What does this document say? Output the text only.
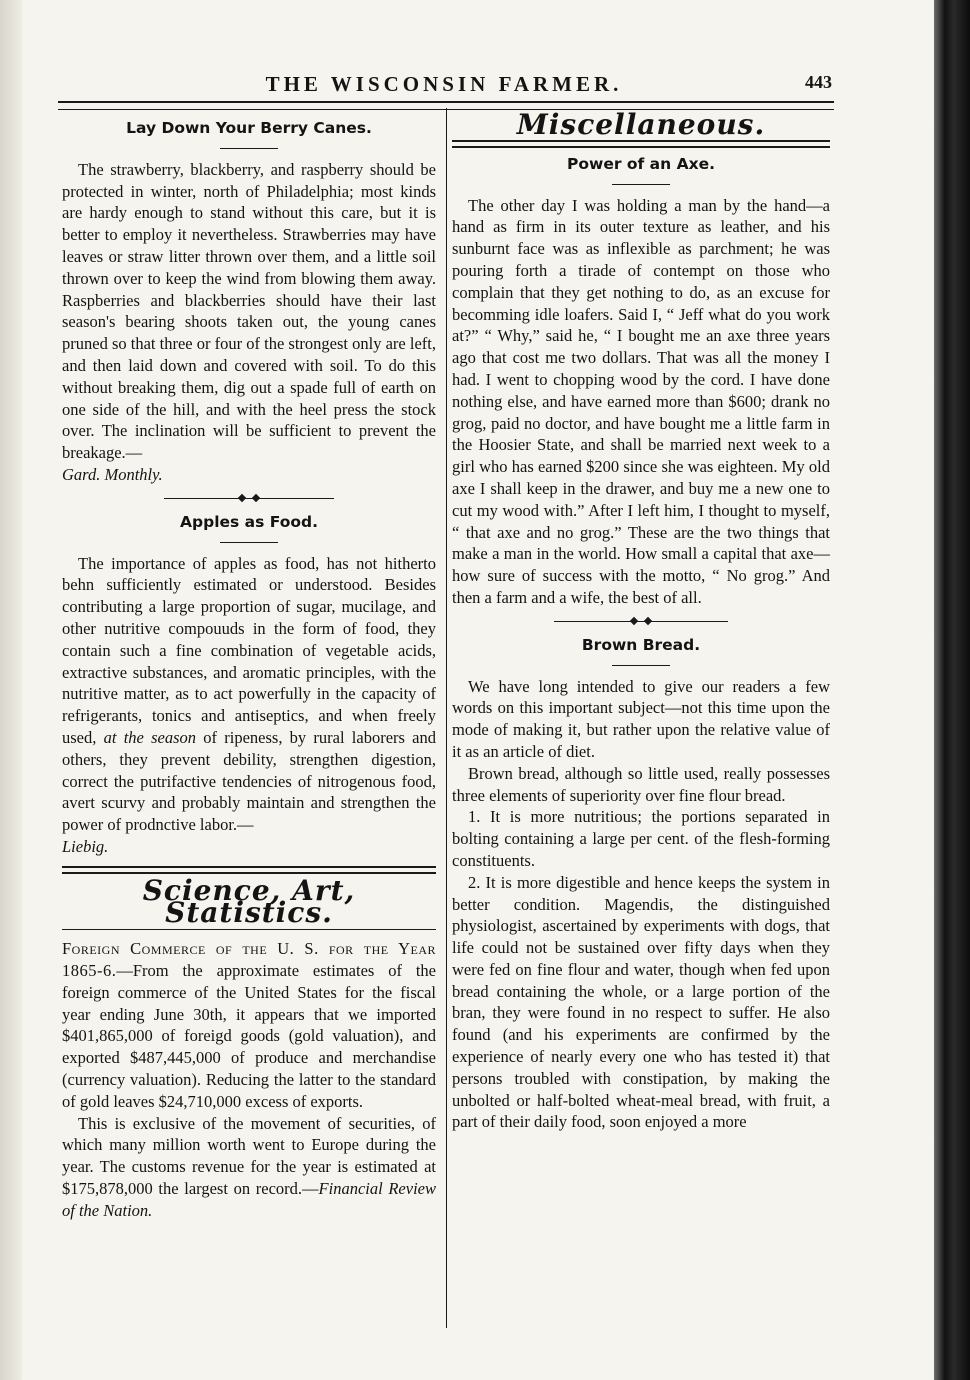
THE WISCONSIN FARMER.	443
Lay Down Your Berry Canes.

The strawberry, blackberry, and raspberry should be protected in winter, north of Philadelphia; most kinds are hardy enough to stand without this care, but it is better to employ it nevertheless. Strawberries may have leaves or straw litter thrown over them, and a little soil thrown over to keep the wind from blowing them away. Raspberries and blackberries should have their last season's bearing shoots taken out, the young canes pruned so that three or four of the strongest only are left, and then laid down and covered with soil. To do this without breaking them, dig out a spade full of earth on one side of the hill, and with the heel press the stock over. The inclination will be sufficient to prevent the breakage.—
Gard. Monthly.

Apples as Food.

The importance of apples as food, has not hitherto behn sufficiently estimated or understood. Besides contributing a large proportion of sugar, mucilage, and other nutritive compouuds in the form of food, they contain such a fine combination of vegetable acids, extractive substances, and aromatic principles, with the nutritive matter, as to act powerfully in the capacity of refrigerants, tonics and antiseptics, and when freely used, at the season of ripeness, by rural laborers and others, they prevent debility, strengthen digestion, correct the putrifactive tendencies of nitrogenous food, avert scurvy and probably maintain and strengthen the power of prodnctive labor.—
Liebig.

Science, Art, Statistics.

Foreign Commerce of the U. S. for the Year 1865-6.—From the approximate estimates of the foreign commerce of the United States for the fiscal year ending June 30th, it appears that we imported $401,865,000 of foreigd goods (gold valuation), and exported $487,445,000 of produce and merchandise (currency valuation). Reducing the latter to the standard of gold leaves $24,710,000 excess of exports.

This is exclusive of the movement of securities, of which many million worth went to Europe during the year. The customs revenue for the year is estimated at $175,878,000 the largest on record.—Financial Review of the Nation.

Miscellaneous.
Power of an Axe.

The other day I was holding a man by the hand—a hand as firm in its outer texture as leather, and his sunburnt face was as inflexible as parchment; he was pouring forth a tirade of contempt on those who complain that they get nothing to do, as an excuse for becomming idle loafers. Said I, “ Jeff what do you work at?” “ Why,” said he, “ I bought me an axe three years ago that cost me two dollars. That was all the money I had. I went to chopping wood by the cord. I have done nothing else, and have earned more than $600; drank no grog, paid no doctor, and have bought me a little farm in the Hoosier State, and shall be married next week to a girl who has earned $200 since she was eighteen. My old axe I shall keep in the drawer, and buy me a new one to cut my wood with.” After I left him, I thought to myself, “ that axe and no grog.” These are the two things that make a man in the world. How small a capital that axe—how sure of success with the motto, “ No grog.” And then a farm and a wife, the best of all.

Brown Bread.

We have long intended to give our readers a few words on this important subject—not this time upon the mode of making it, but rather upon the relative value of it as an article of diet.

Brown bread, although so little used, really possesses three elements of superiority over fine flour bread.

1. It is more nutritious; the portions separated in bolting containing a large per cent. of the flesh-forming constituents.

2. It is more digestible and hence keeps the system in better condition. Magendis, the distinguished physiologist, ascertained by experiments with dogs, that life could not be sustained over fifty days when they were fed on fine flour and water, though when fed upon bread containing the whole, or a large portion of the bran, they were found in no respect to suffer. He also found (and his experiments are confirmed by the experience of nearly every one who has tested it) that persons troubled with constipation, by making the unbolted or half-bolted wheat-meal bread, with fruit, a part of their daily food, soon enjoyed a more
